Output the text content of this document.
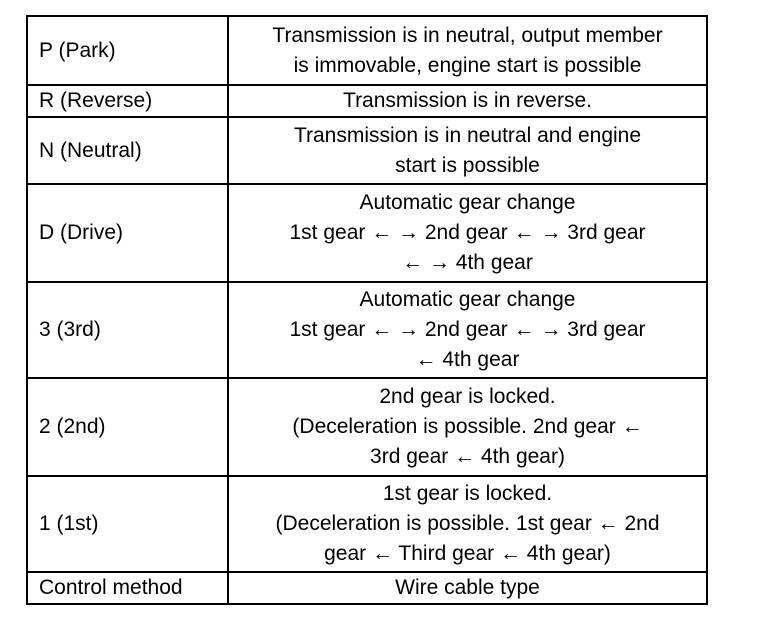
P (Park)	Transmission is in neutral, output member
is immovable, engine start is possible

R (Reverse)	Transmission is in reverse.

N (Neutral)	Transmission is in neutral and engine
start is possible

D (Drive)	Automatic gear change
1st gear ← → 2nd gear ← → 3rd gear
← → 4th gear

3 (3rd)	Automatic gear change
1st gear ← → 2nd gear ← → 3rd gear
← 4th gear

2 (2nd)	2nd gear is locked.
(Deceleration is possible. 2nd gear ←
3rd gear ← 4th gear)

1 (1st)	1st gear is locked.
(Deceleration is possible. 1st gear ← 2nd
gear ← Third gear ← 4th gear)

Control method	Wire cable type
